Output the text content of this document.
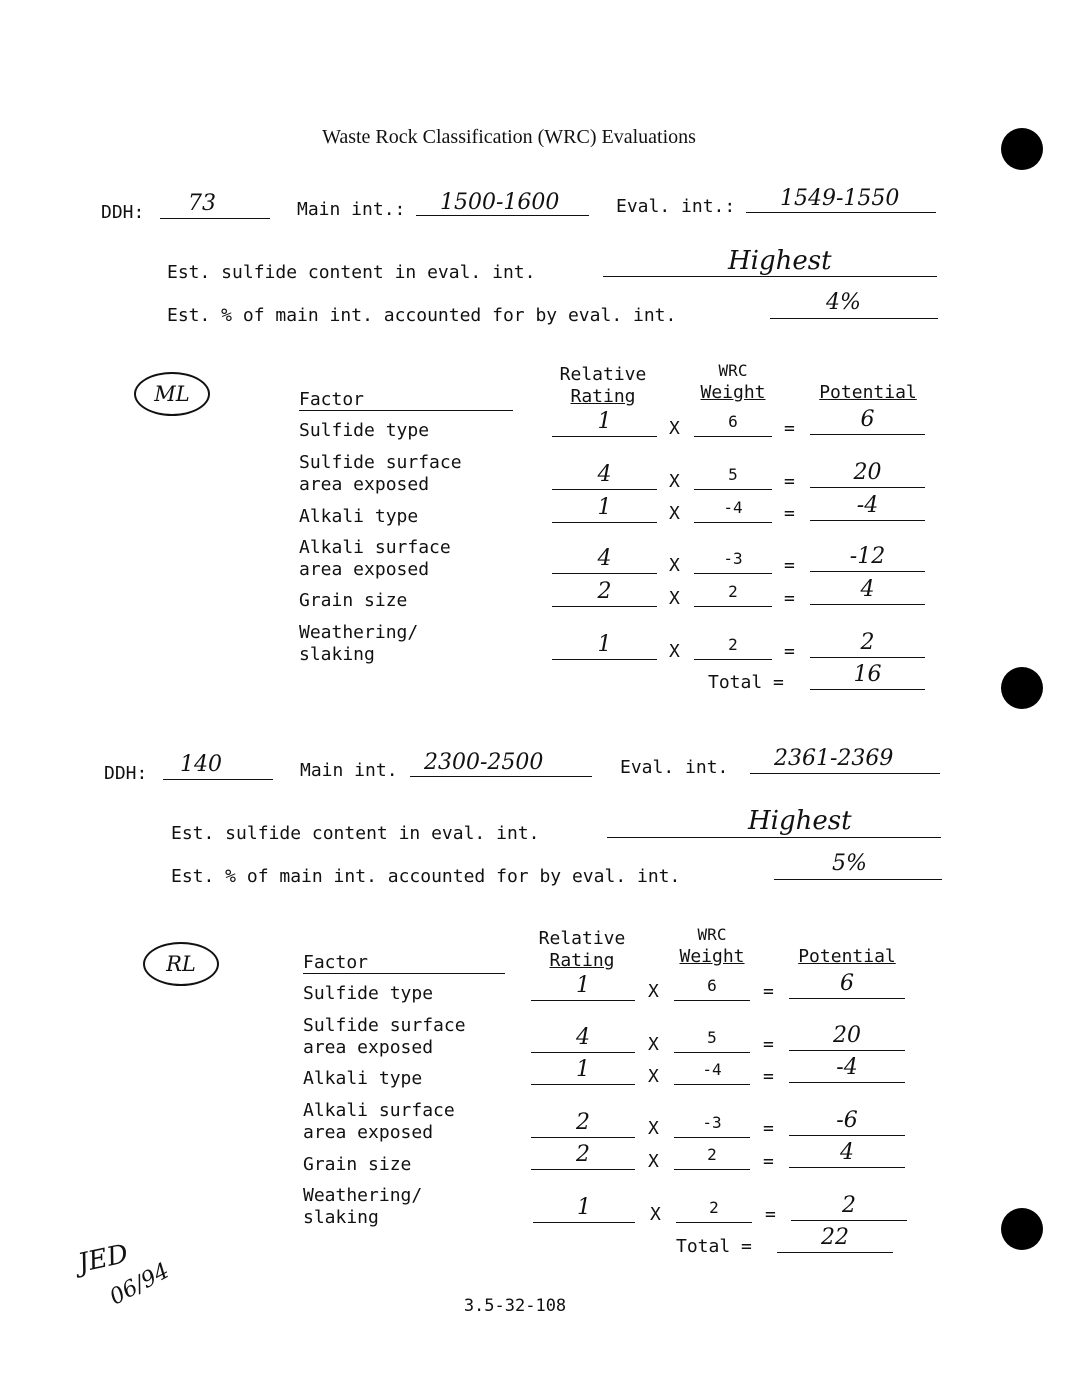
Waste Rock Classification (WRC) Evaluations
DDH: 73	Main int.: 1500-1600	Eval. int.: 1549-1550
Est. sulfide content in eval. int.	Highest
Est. % of main int. accounted for by eval. int.
4%
ML	Factor
Relative
Rating
WRC
Weight	Potential
Sulfide type	1	X	6	=	6
Sulfide surface
area exposed	4	X	5	=	20
Alkali type	1	X	-4	=	-4
Alkali surface
area exposed	4	X	-3	=	-12
Grain size	2	X	2	=	4
Weathering/
slaking	1	X	2	=	2
Total =	16
DDH: 140	Main int. 2300-2500	Eval. int. 2361-2369
Est. sulfide content in eval. int.	Highest
Est. % of main int. accounted for by eval. int.
5%
RL	Factor
Relative
Rating
WRC
Weight	Potential
Sulfide type	1	X	6	=	6
Sulfide surface
area exposed	4	X	5	=	20
Alkali type	1	X	-4	=	-4
Alkali surface
area exposed	2	X	-3	=	-6
Grain size	2	X	2	=	4
Weathering/
slaking	1	X	2	=	2
Total =	22
JED
06/94	3.5-32-108
